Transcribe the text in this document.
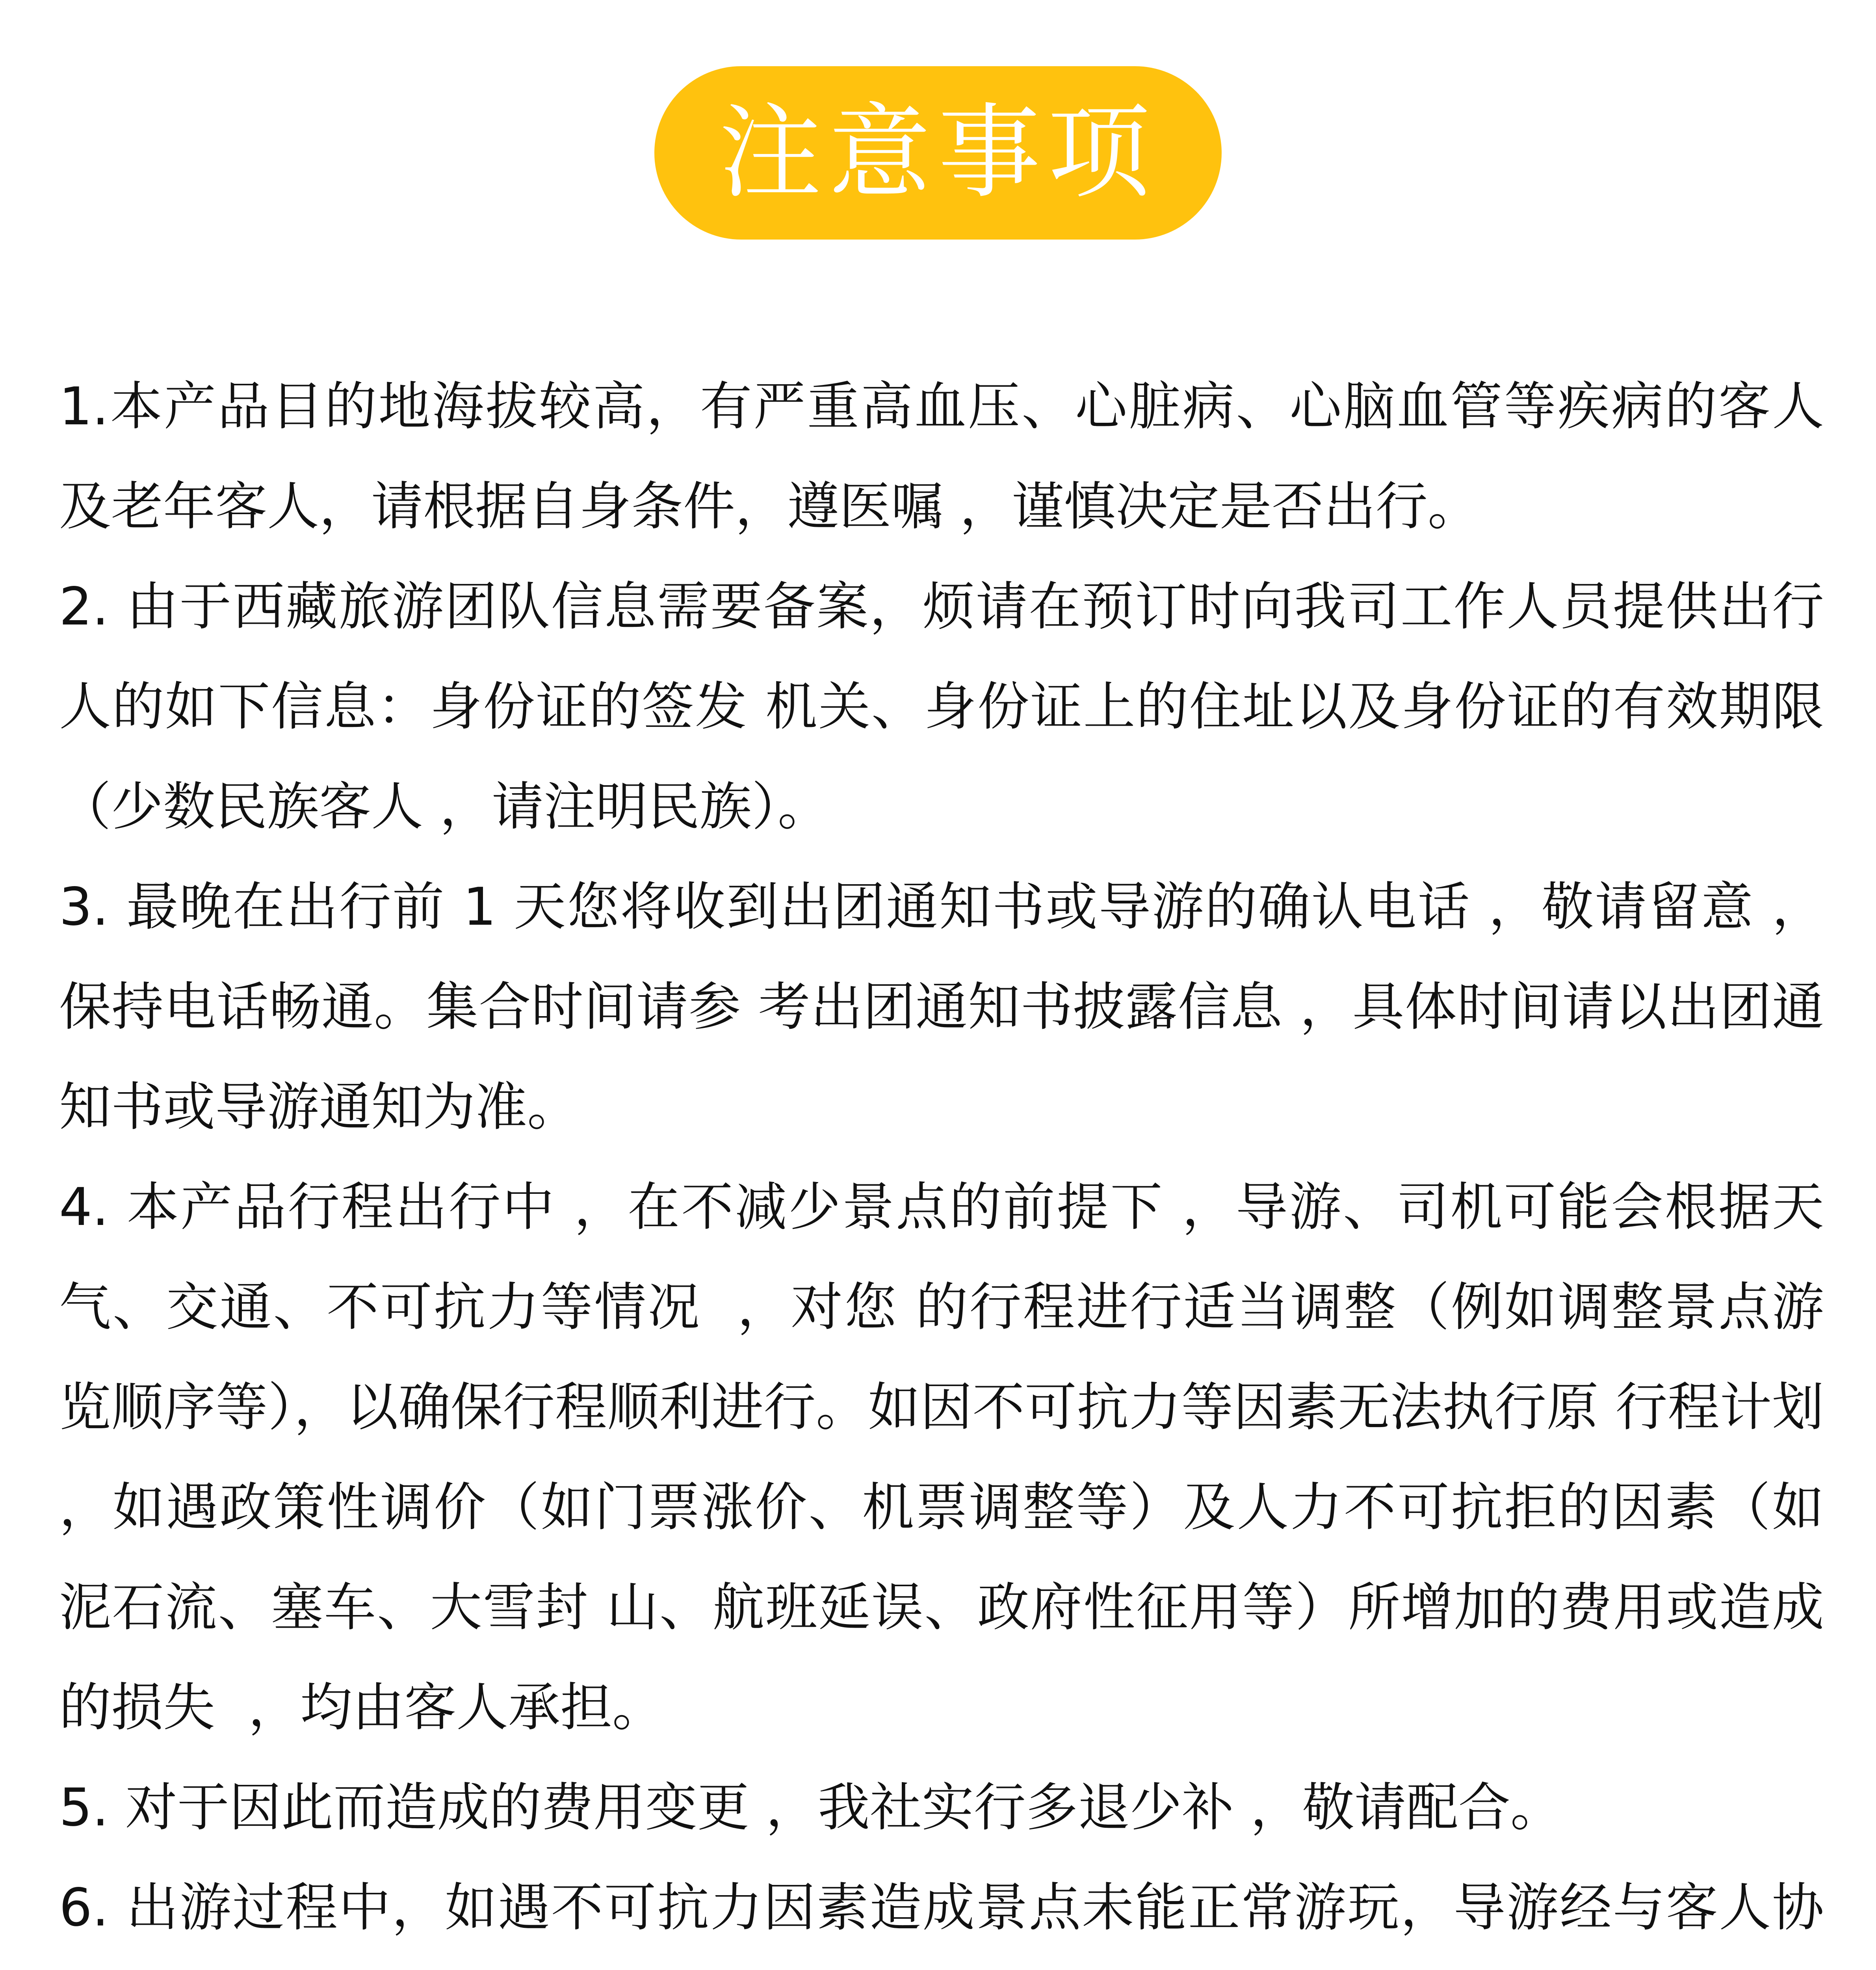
注意事项

1.本产品目的地海拔较高，有严重高血压、心脏病、心脑血管等疾病的客人及老年客人，请根据自身条件，遵医嘱 ，谨慎决定是否出行。

2. 由于西藏旅游团队信息需要备案，烦请在预订时向我司工作人员提供出行人的如下信息：身份证的签发 机关、身份证上的住址以及身份证的有效期限（少数民族客人 ，请注明民族）。

3. 最晚在出行前 1 天您将收到出团通知书或导游的确认电话 ，敬请留意 ，保持电话畅通。集合时间请参 考出团通知书披露信息 ，具体时间请以出团通知书或导游通知为准。

4. 本产品行程出行中 ，在不减少景点的前提下 ，导游、司机可能会根据天气、交通、不可抗力等情况  ，对您 的行程进行适当调整（例如调整景点游览顺序等），以确保行程顺利进行。如因不可抗力等因素无法执行原 行程计划 ，如遇政策性调价（如门票涨价、机票调整等）及人力不可抗拒的因素（如泥石流、塞车、大雪封 山、航班延误、政府性征用等）所增加的费用或造成的损失  ，均由客人承担。

5. 对于因此而造成的费用变更 ，我社实行多退少补 ，敬请配合。

6. 出游过程中，如遇不可抗力因素造成景点未能正常游玩，导游经与客人协
